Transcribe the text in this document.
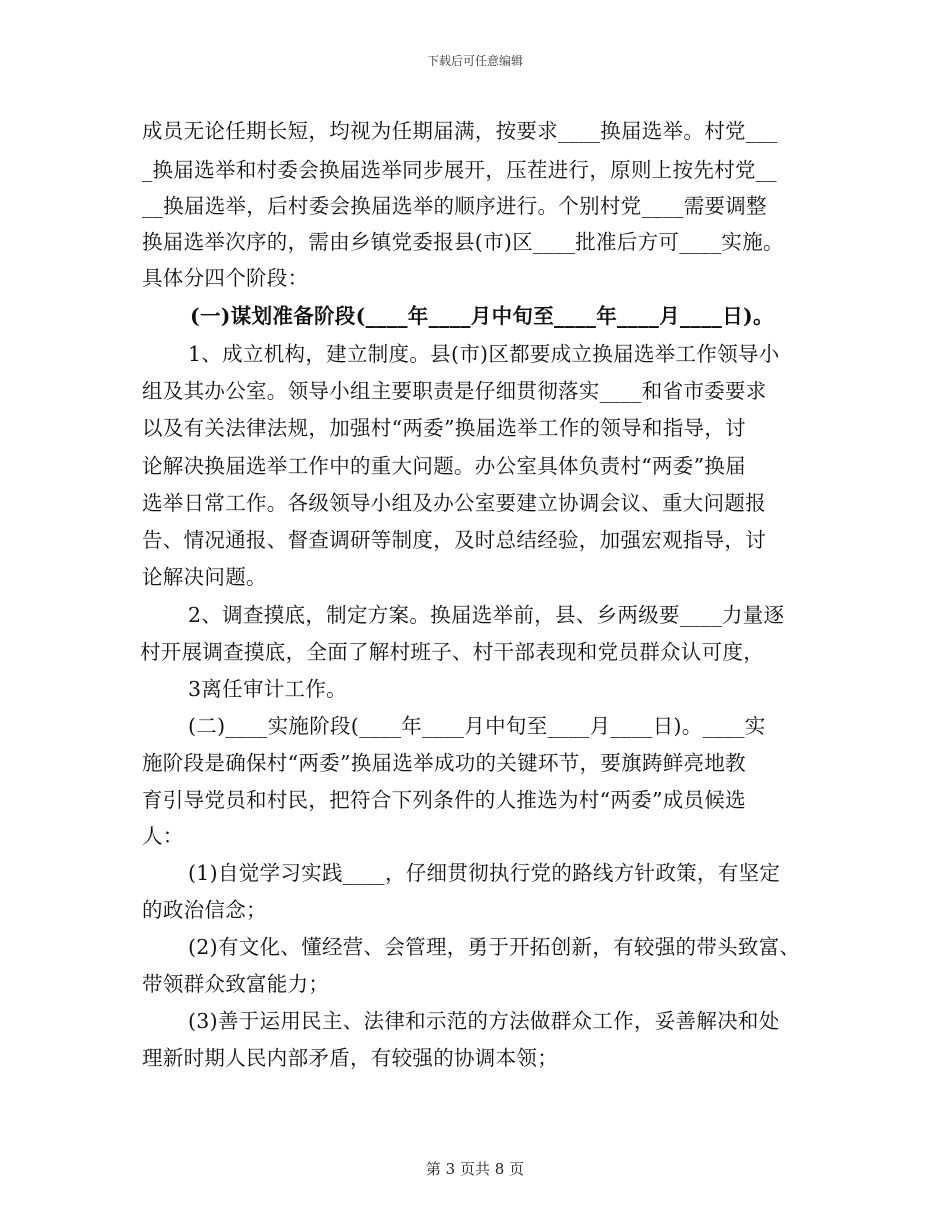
下载后可任意编辑
成员无论任期长短，均视为任期届满，按要求____换届选举。村党___
_换届选举和村委会换届选举同步展开，压茬进行，原则上按先村党__
__换届选举，后村委会换届选举的顺序进行。个别村党____需要调整
换届选举次序的，需由乡镇党委报县(市)区____批准后方可____实施。
具体分四个阶段：
(一)谋划准备阶段(____年____月中旬至____年____月____日)。
1、成立机构，建立制度。县(市)区都要成立换届选举工作领导小
组及其办公室。领导小组主要职责是仔细贯彻落实____和省市委要求
以及有关法律法规，加强村“两委”换届选举工作的领导和指导，讨
论解决换届选举工作中的重大问题。办公室具体负责村“两委”换届
选举日常工作。各级领导小组及办公室要建立协调会议、重大问题报
告、情况通报、督查调研等制度，及时总结经验，加强宏观指导，讨
论解决问题。
2、调查摸底，制定方案。换届选举前，县、乡两级要____力量逐
村开展调查摸底，全面了解村班子、村干部表现和党员群众认可度，
3离任审计工作。
(二)____实施阶段(____年____月中旬至____月____日)。____实
施阶段是确保村“两委”换届选举成功的关键环节，要旗踌鲜亮地教
育引导党员和村民，把符合下列条件的人推选为村“两委”成员候选
人：
(1)自觉学习实践____，仔细贯彻执行党的路线方针政策，有坚定
的政治信念；
(2)有文化、懂经营、会管理，勇于开拓创新，有较强的带头致富、
带领群众致富能力；
(3)善于运用民主、法律和示范的方法做群众工作，妥善解决和处
理新时期人民内部矛盾，有较强的协调本领；
第 3 页共 8 页
